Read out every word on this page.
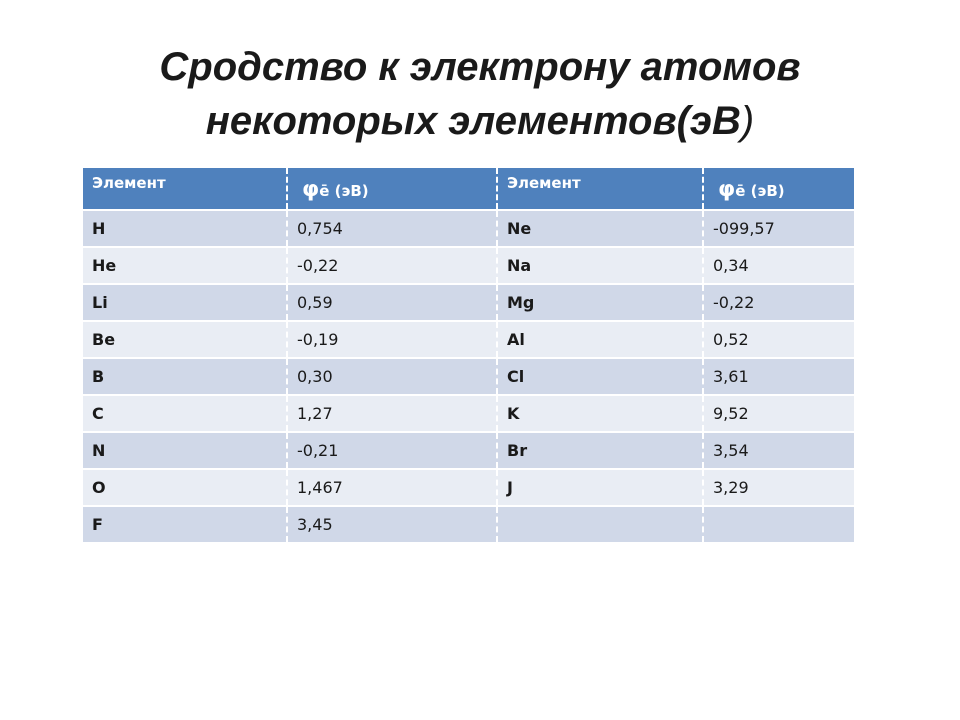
Сродство к электрону атомов
некоторых элементов(эВ)
Элемент	φē (эВ)	Элемент	φē (эВ)
H	0,754	Ne	-099,57
He	-0,22	Na	0,34
Li	0,59	Mg	-0,22
Be	-0,19	Al	0,52
B	0,30	Cl	3,61
C	1,27	K	9,52
N	-0,21	Br	3,54
O	1,467	J	3,29
F	3,45		
